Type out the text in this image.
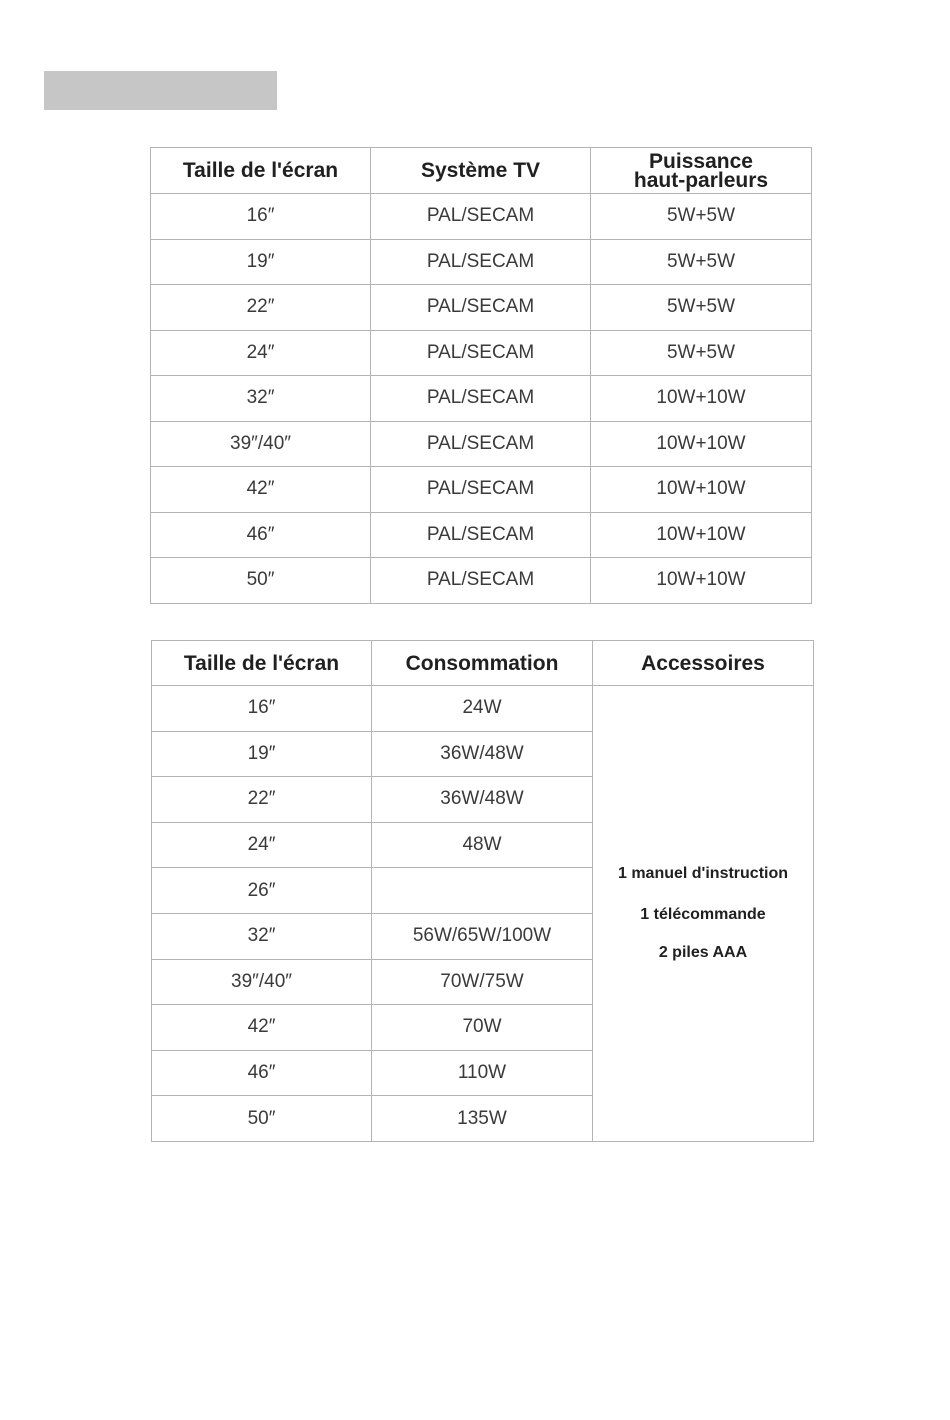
Taille de l'écran	Système TV	Puissance haut-parleurs
16″	PAL/SECAM	5W+5W
19″	PAL/SECAM	5W+5W
22″	PAL/SECAM	5W+5W
24″	PAL/SECAM	5W+5W
32″	PAL/SECAM	10W+10W
39″/40″	PAL/SECAM	10W+10W
42″	PAL/SECAM	10W+10W
46″	PAL/SECAM	10W+10W
50″	PAL/SECAM	10W+10W
Taille de l'écran	Consommation	Accessoires
16″	24W	1 manuel d'instruction
1 télécommande
2 piles AAA

19″	36W/48W	
22″	36W/48W	
24″	48W	
26″		
32″	56W/65W/100W	
39″/40″	70W/75W	
42″	70W	
46″	110W	
50″	135W	
